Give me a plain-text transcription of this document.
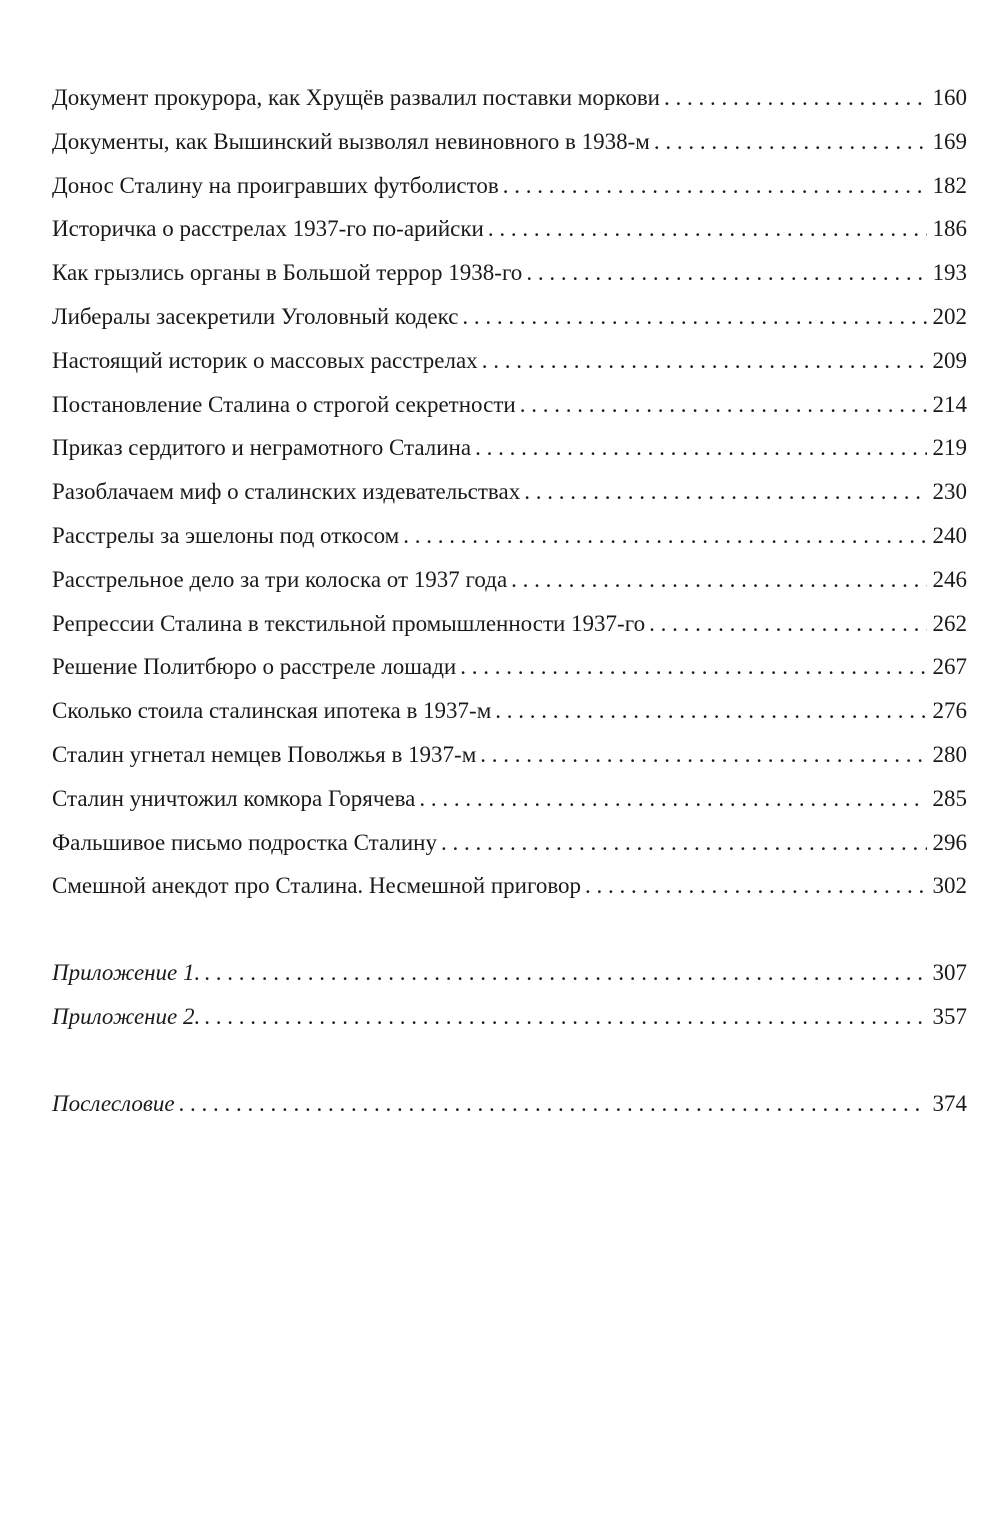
Документ прокурора, как Хрущёв развалил поставки моркови . . .	160
Документы, как Вышинский вызволял невиновного в 1938-м . . .	169
Донос Сталину на проигравших футболистов . . .	182
Историчка о расстрелах 1937-го по-арийски . . .	186
Как грызлись органы в Большой террор 1938-го . . .	193
Либералы засекретили Уголовный кодекс . . .	202
Настоящий историк о массовых расстрелах . . .	209
Постановление Сталина о строгой секретности . . .	214
Приказ сердитого и неграмотного Сталина . . .	219
Разоблачаем миф о сталинских издевательствах . . .	230
Расстрелы за эшелоны под откосом . . .	240
Расстрельное дело за три колоска от 1937 года . . .	246
Репрессии Сталина в текстильной промышленности 1937-го . . .	262
Решение Политбюро о расстреле лошади . . .	267
Сколько стоила сталинская ипотека в 1937-м . . .	276
Сталин угнетал немцев Поволжья в 1937-м . . .	280
Сталин уничтожил комкора Горячева . . .	285
Фальшивое письмо подростка Сталину . . .	296
Смешной анекдот про Сталина. Несмешной приговор . . .	302
Приложение 1. . . .	307
Приложение 2. . . .	357
Послесловие . . .	374
